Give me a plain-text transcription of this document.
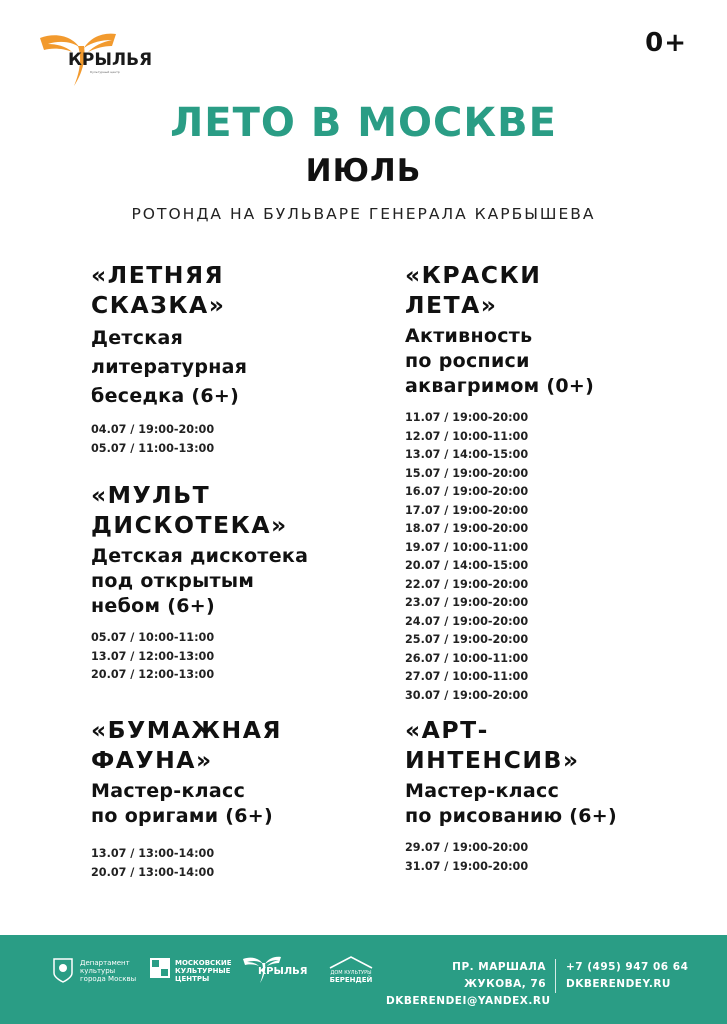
КРЫЛЬЯ
Культурный центр
0+
ЛЕТО В МОСКВЕ
ИЮЛЬ
РОТОНДА НА БУЛЬВАРЕ ГЕНЕРАЛА КАРБЫШЕВА
«ЛЕТНЯЯ
СКАЗКА»
Детская
литературная
беседка (6+)
04.07 / 19:00-20:00
05.07 / 11:00-13:00
«МУЛЬТ
ДИСКОТЕКА»
Детская дискотека
под открытым
небом (6+)
05.07 / 10:00-11:00
13.07 / 12:00-13:00
20.07 / 12:00-13:00
«БУМАЖНАЯ
ФАУНА»
Мастер-класс
по оригами (6+)
13.07 / 13:00-14:00
20.07 / 13:00-14:00
«КРАСКИ
ЛЕТА»
Активность
по росписи
аквагримом (0+)
11.07 / 19:00-20:00
12.07 / 10:00-11:00
13.07 / 14:00-15:00
15.07 / 19:00-20:00
16.07 / 19:00-20:00
17.07 / 19:00-20:00
18.07 / 19:00-20:00
19.07 / 10:00-11:00
20.07 / 14:00-15:00
22.07 / 19:00-20:00
23.07 / 19:00-20:00
24.07 / 19:00-20:00
25.07 / 19:00-20:00
26.07 / 10:00-11:00
27.07 / 10:00-11:00
30.07 / 19:00-20:00
«АРТ-
ИНТЕНСИВ»
Мастер-класс
по рисованию (6+)
29.07 / 19:00-20:00
31.07 / 19:00-20:00
Департамент
культуры
города Москвы
МОСКОВСКИЕ
КУЛЬТУРНЫЕ
ЦЕНТРЫ
КРЫЛЬЯ	ДОМ КУЛЬТУРЫ
БЕРЕНДЕЙ
ПР. МАРШАЛА ЖУКОВА, 76
DKBERENDEI@YANDEX.RU
+7 (495) 947 06 64
DKBERENDEY.RU
